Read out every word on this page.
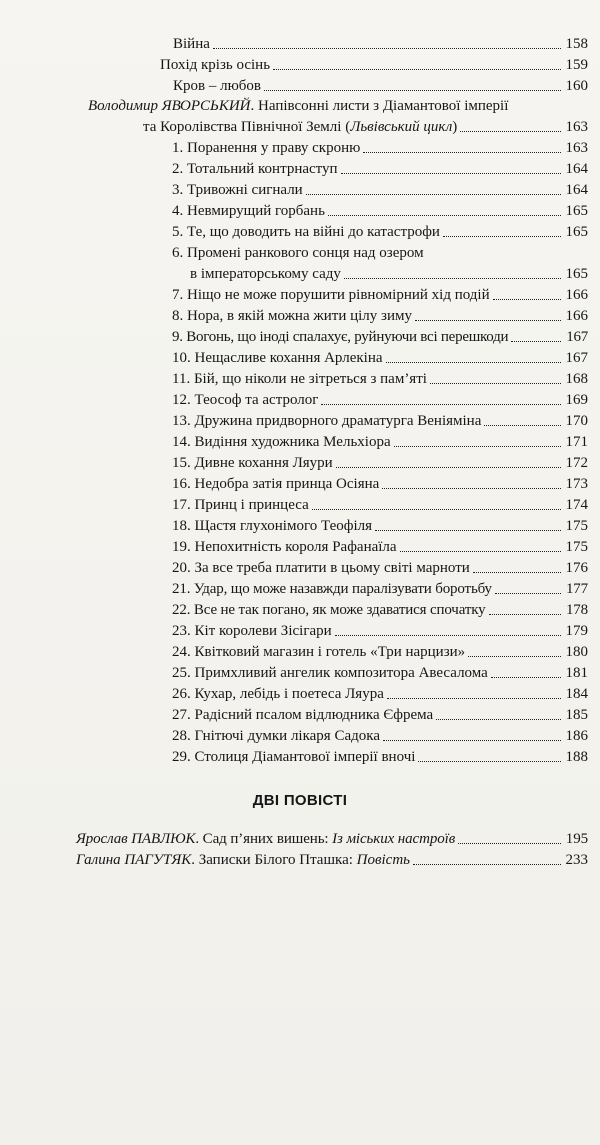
Війна	158
Похід крізь осінь	159
Кров – любов	160
Володимир ЯВОРСЬКИЙ. Напівсонні листи з Діамантової імперії
та Королівства Північної Землі (Львівський цикл)	163
1. Поранення у праву скроню	163
2. Тотальний контрнаступ	164
3. Тривожні сигнали	164
4. Невмирущий горбань	165
5. Те, що доводить на війні до катастрофи	165
6. Промені ранкового сонця над озером
в імператорському саду	165
7. Ніщо не може порушити рівномірний хід подій	166
8. Нора, в якій можна жити цілу зиму	166
9. Вогонь, що іноді спалахує, руйнуючи всі перешкоди	167
10. Нещасливе кохання Арлекіна	167
11. Бій, що ніколи не зітреться з пам’яті	168
12. Теософ та астролог	169
13. Дружина придворного драматурга Веніяміна	170
14. Видіння художника Мельхіора	171
15. Дивне кохання Ляури	172
16. Недобра затія принца Осіяна	173
17. Принц і принцеса	174
18. Щастя глухонімого Теофіля	175
19. Непохитність короля Рафанаїла	175
20. За все треба платити в цьому світі марноти	176
21. Удар, що може назавжди паралізувати боротьбу	177
22. Все не так погано, як може здаватися спочатку	178
23. Кіт королеви Зісігари	179
24. Квітковий магазин і готель «Три нарцизи»	180
25. Примхливий ангелик композитора Авесалома	181
26. Кухар, лебідь і поетеса Ляура	184
27. Радісний псалом відлюдника Єфрема	185
28. Гнітючі думки лікаря Садока	186
29. Столиця Діамантової імперії вночі	188
ДВІ ПОВІСТІ
Ярослав ПАВЛЮК. Сад п’яних вишень: Із міських настроїв	195
Галина ПАГУТЯК. Записки Білого Пташка: Повість	233
